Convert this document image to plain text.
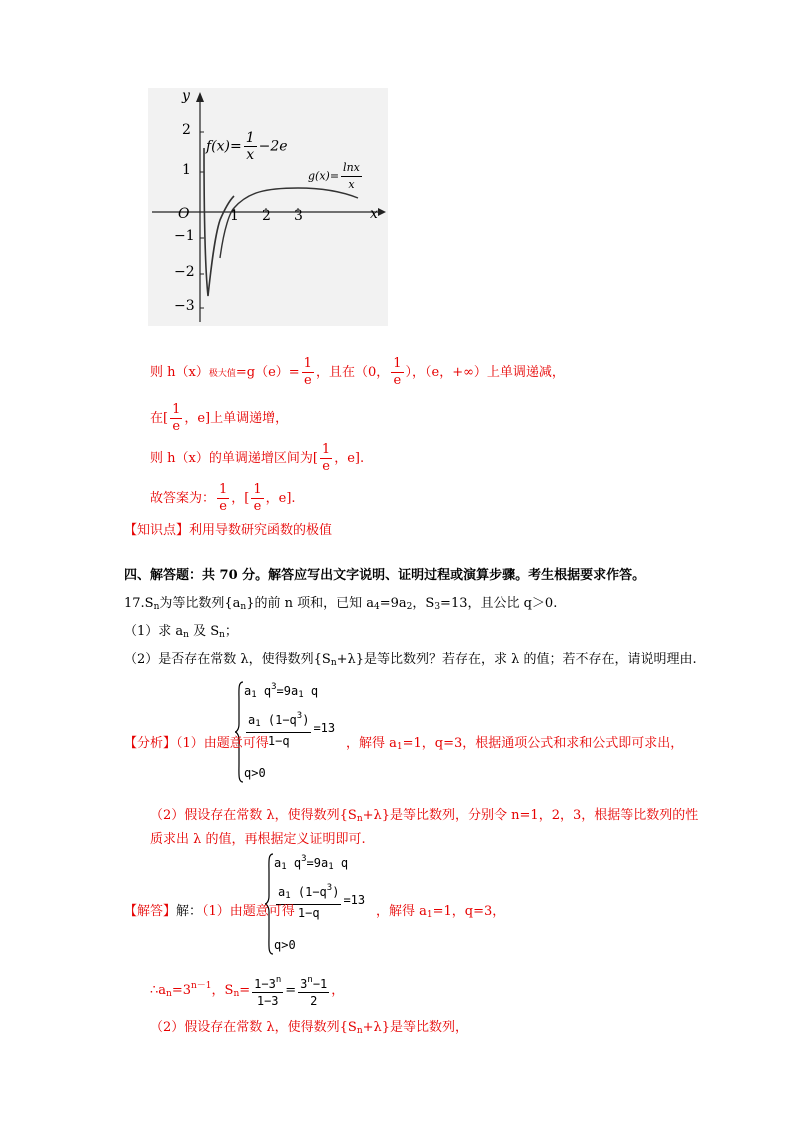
y
x
O
2
1
−1
−2
−3
1 2 3
$f(x)= \frac{1}{x} -2e$
$g(x)= \frac{\ln x}{x}$
则 h（x）极大值$=g(e)= \frac{1}{e}$ ，且在（0， $\frac{1}{e}$ ），（e，+∞）上单调递减，
在[ $\frac{1}{e}$ ，e]上单调递增，
则 h（x）的单调递增区间为[ $\frac{1}{e}$ ，e].
故答案为： $\frac{1}{e}$ ，[ $\frac{1}{e}$ ，e].
【知识点】利用导数研究函数的极值
四、解答题：共 70 分。解答应写出文字说明、证明过程或演算步骤。考生根据要求作答。
$17.S_n$为等比数列$\{a_n\}$的前 n 项和，已知 $a_4=9a_2$，$S_3=13$，且公比 q＞0.
（1）求 $a_n$ 及 $S_n$；
（2）是否存在常数 λ，使得数列$\{S_n+\lambda\}$是等比数列？若存在，求 λ 的值；若不存在，请说明理由.
$a_1$ $q^3=9a_1$ q
$\frac{a_1 (1-q^3)}{1-q} =13$
q>0
【分析】（1）由题意可得	，解得 $a_1=1$，q=3，根据通项公式和求和公式即可求出，
（2）假设存在常数 λ，使得数列$\{S_n+\lambda\}$是等比数列，分别令 n=1，2，3，根据等比数列的性
质求出 λ 的值，再根据定义证明即可.
$a_1$ $q^3=9a_1$ q
$\frac{a_1 (1-q^3)}{1-q} =13$
q>0
【解答】解：（1）由题意可得	，解得 $a_1=1$，q=3，
$\therefore a_n=3^{n-1}$，$S_n= \frac{1-3^n}{1-3} = \frac{3^n-1}{2}$ ，
（2）假设存在常数 λ，使得数列$\{S_n+\lambda\}$是等比数列，
